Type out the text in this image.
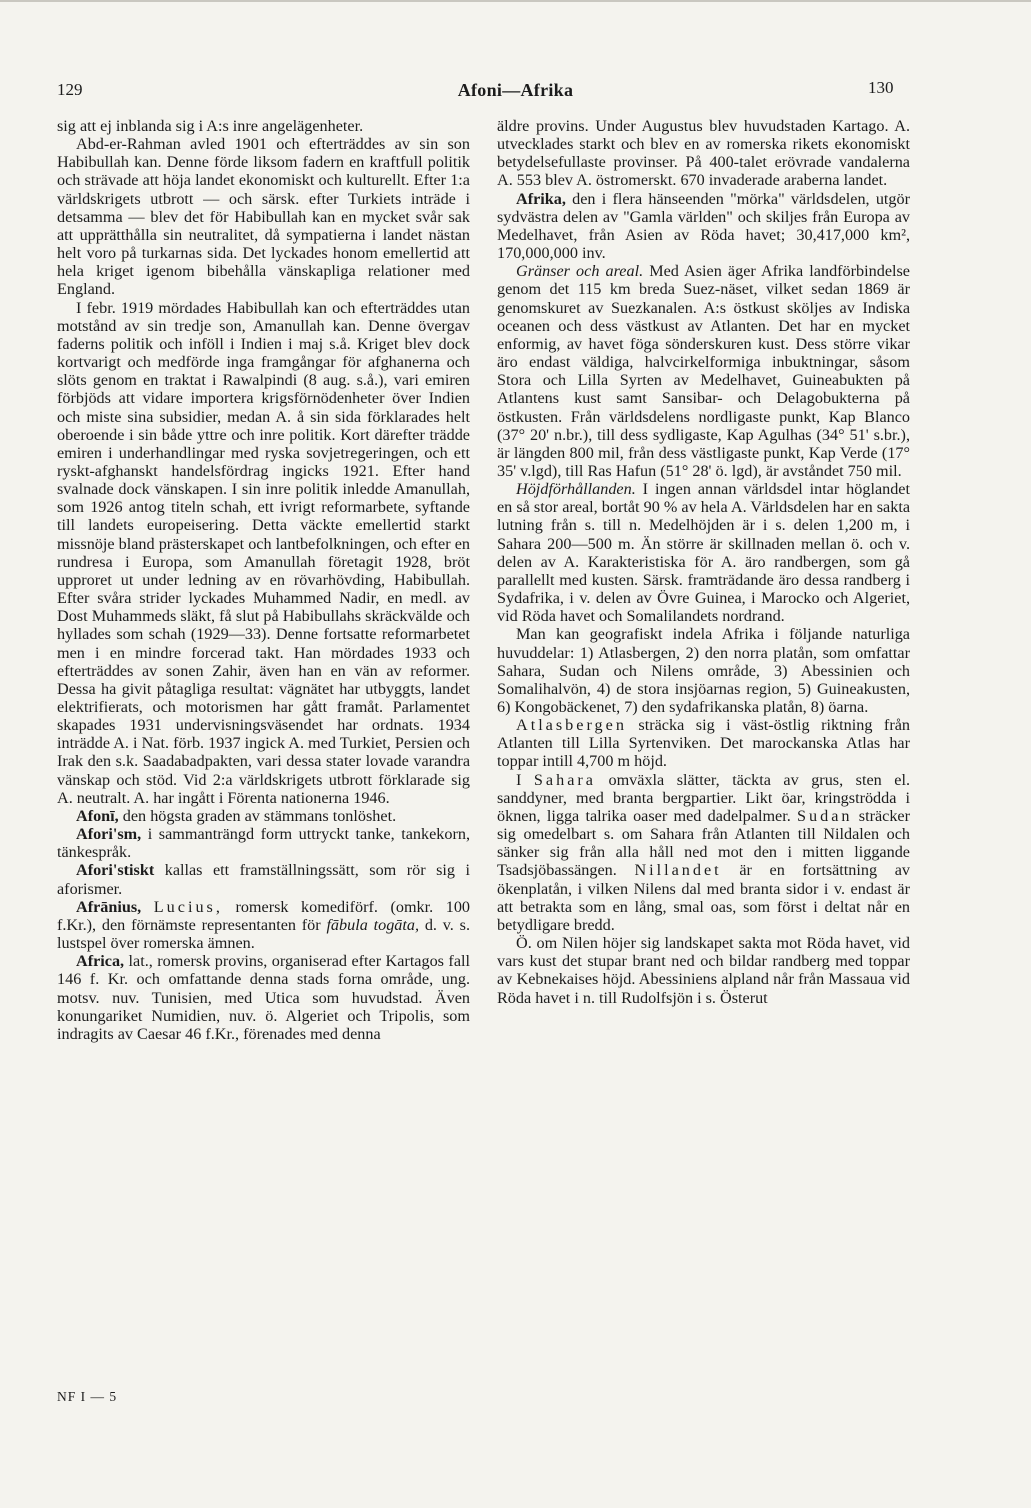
129	Afoni—Afrika	130

sig att ej inblanda sig i A:s inre angelägenheter.

Abd-er-Rahman avled 1901 och efterträddes av sin son Habibullah kan. Denne förde liksom fadern en kraftfull politik och strävade att höja landet ekonomiskt och kulturellt. Efter 1:a världskrigets utbrott — och särsk. efter Turkiets inträde i detsamma — blev det för Habibullah kan en mycket svår sak att upprätthålla sin neutralitet, då sympatierna i landet nästan helt voro på turkarnas sida. Det lyckades honom emellertid att hela kriget igenom bibehålla vänskapliga relationer med England.

I febr. 1919 mördades Habibullah kan och efterträddes utan motstånd av sin tredje son, Amanullah kan. Denne övergav faderns politik och inföll i Indien i maj s.å. Kriget blev dock kortvarigt och medförde inga framgångar för afghanerna och slöts genom en traktat i Rawalpindi (8 aug. s.å.), vari emiren förbjöds att vidare importera krigsförnödenheter över Indien och miste sina subsidier, medan A. å sin sida förklarades helt oberoende i sin både yttre och inre politik. Kort därefter trädde emiren i underhandlingar med ryska sovjetregeringen, och ett ryskt-afghanskt handelsfördrag ingicks 1921. Efter hand svalnade dock vänskapen. I sin inre politik inledde Amanullah, som 1926 antog titeln schah, ett ivrigt reformarbete, syftande till landets europeisering. Detta väckte emellertid starkt missnöje bland prästerskapet och lantbefolkningen, och efter en rundresa i Europa, som Amanullah företagit 1928, bröt upproret ut under ledning av en rövarhövding, Habibullah. Efter svåra strider lyckades Muhammed Nadir, en medl. av Dost Muhammeds släkt, få slut på Habibullahs skräckvälde och hyllades som schah (1929—33). Denne fortsatte reformarbetet men i en mindre forcerad takt. Han mördades 1933 och efterträddes av sonen Zahir, även han en vän av reformer. Dessa ha givit påtagliga resultat: vägnätet har utbyggts, landet elektrifierats, och motorismen har gått framåt. Parlamentet skapades 1931 undervisningsväsendet har ordnats. 1934 inträdde A. i Nat. förb. 1937 ingick A. med Turkiet, Persien och Irak den s.k. Saadabadpakten, vari dessa stater lovade varandra vänskap och stöd. Vid 2:a världskrigets utbrott förklarade sig A. neutralt. A. har ingått i Förenta nationerna 1946.

Afonī, den högsta graden av stämmans tonlöshet.

Afori'sm, i sammanträngd form uttryckt tanke, tankekorn, tänkespråk.

Afori'stiskt kallas ett framställningssätt, som rör sig i aforismer.

Afrānius, Lucius, romersk komediförf. (omkr. 100 f.Kr.), den förnämste representanten för fābula togāta, d. v. s. lustspel över romerska ämnen.

Africa, lat., romersk provins, organiserad efter Kartagos fall 146 f. Kr. och omfattande denna stads forna område, ung. motsv. nuv. Tunisien, med Utica som huvudstad. Även konungariket Numidien, nuv. ö. Algeriet och Tripolis, som indragits av Caesar 46 f.Kr., förenades med denna

äldre provins. Under Augustus blev huvudstaden Kartago. A. utvecklades starkt och blev en av romerska rikets ekonomiskt betydelsefullaste provinser. På 400-talet erövrade vandalerna A. 553 blev A. östromerskt. 670 invaderade araberna landet.

Afrika, den i flera hänseenden "mörka" världsdelen, utgör sydvästra delen av "Gamla världen" och skiljes från Europa av Medelhavet, från Asien av Röda havet; 30,417,000 km², 170,000,000 inv.

Gränser och areal. Med Asien äger Afrika landförbindelse genom det 115 km breda Suez-näset, vilket sedan 1869 är genomskuret av Suezkanalen. A:s östkust sköljes av Indiska oceanen och dess västkust av Atlanten. Det har en mycket enformig, av havet föga sönderskuren kust. Dess större vikar äro endast väldiga, halvcirkelformiga inbuktningar, såsom Stora och Lilla Syrten av Medelhavet, Guineabukten på Atlantens kust samt Sansibar- och Delagobukterna på östkusten. Från världsdelens nordligaste punkt, Kap Blanco (37° 20' n.br.), till dess sydligaste, Kap Agulhas (34° 51' s.br.), är längden 800 mil, från dess västligaste punkt, Kap Verde (17° 35' v.lgd), till Ras Hafun (51° 28' ö. lgd), är avståndet 750 mil.

Höjdförhållanden. I ingen annan världsdel intar höglandet en så stor areal, bortåt 90 % av hela A. Världsdelen har en sakta lutning från s. till n. Medelhöjden är i s. delen 1,200 m, i Sahara 200—500 m. Än större är skillnaden mellan ö. och v. delen av A. Karakteristiska för A. äro randbergen, som gå parallellt med kusten. Särsk. framträdande äro dessa randberg i Sydafrika, i v. delen av Övre Guinea, i Marocko och Algeriet, vid Röda havet och Somalilandets nordrand.

Man kan geografiskt indela Afrika i följande naturliga huvuddelar: 1) Atlasbergen, 2) den norra platån, som omfattar Sahara, Sudan och Nilens område, 3) Abessinien och Somalihalvön, 4) de stora insjöarnas region, 5) Guineakusten, 6) Kongobäckenet, 7) den sydafrikanska platån, 8) öarna.

Atlasbergen sträcka sig i väst-östlig riktning från Atlanten till Lilla Syrtenviken. Det marockanska Atlas har toppar intill 4,700 m höjd.

I Sahara omväxla slätter, täckta av grus, sten el. sanddyner, med branta bergpartier. Likt öar, kringströdda i öknen, ligga talrika oaser med dadelpalmer. Sudan sträcker sig omedelbart s. om Sahara från Atlanten till Nildalen och sänker sig från alla håll ned mot den i mitten liggande Tsadsjöbassängen. Nillandet är en fortsättning av ökenplatån, i vilken Nilens dal med branta sidor i v. endast är att betrakta som en lång, smal oas, som först i deltat når en betydligare bredd.

Ö. om Nilen höjer sig landskapet sakta mot Röda havet, vid vars kust det stupar brant ned och bildar randberg med toppar av Kebnekaises höjd. Abessiniens alpland når från Massaua vid Röda havet i n. till Rudolfsjön i s. Österut

NF I — 5
